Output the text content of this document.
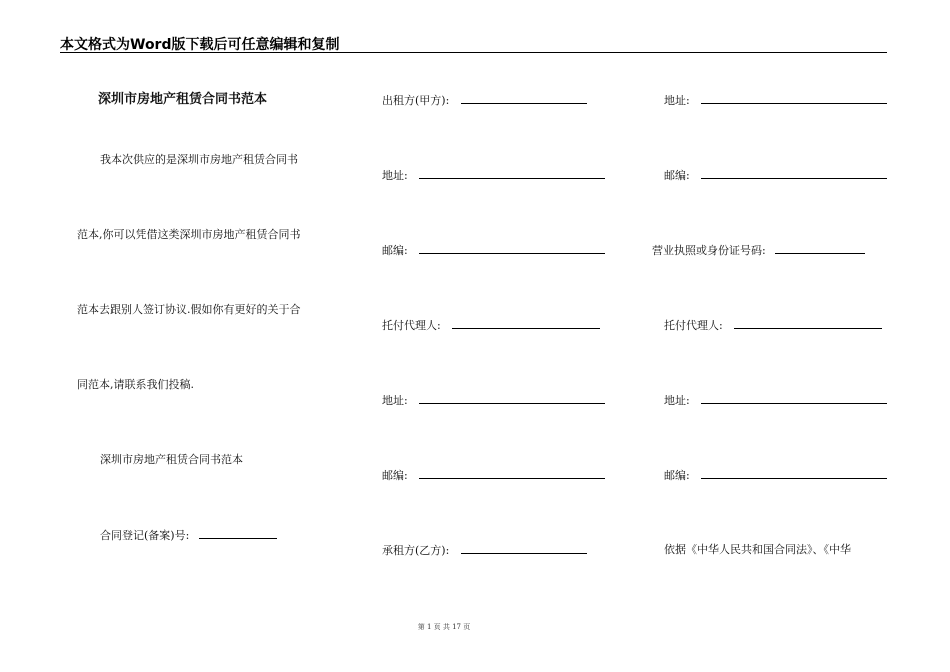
本文格式为Word版下载后可任意编辑和复制
深圳市房地产租赁合同书范本
我本次供应的是深圳市房地产租赁合同书
范本,你可以凭借这类深圳市房地产租赁合同书
范本去跟别人签订协议.假如你有更好的关于合
同范本,请联系我们投稿.
深圳市房地产租赁合同书范本
合同登记(备案)号:
出租方(甲方):
地址:
邮编:
托付代理人:
地址:
邮编:
承租方(乙方):
地址:
邮编:
营业执照或身份证号码:
托付代理人:
地址:
邮编:
依据《中华人民共和国合同法》、《中华
第 1 页 共 17 页
